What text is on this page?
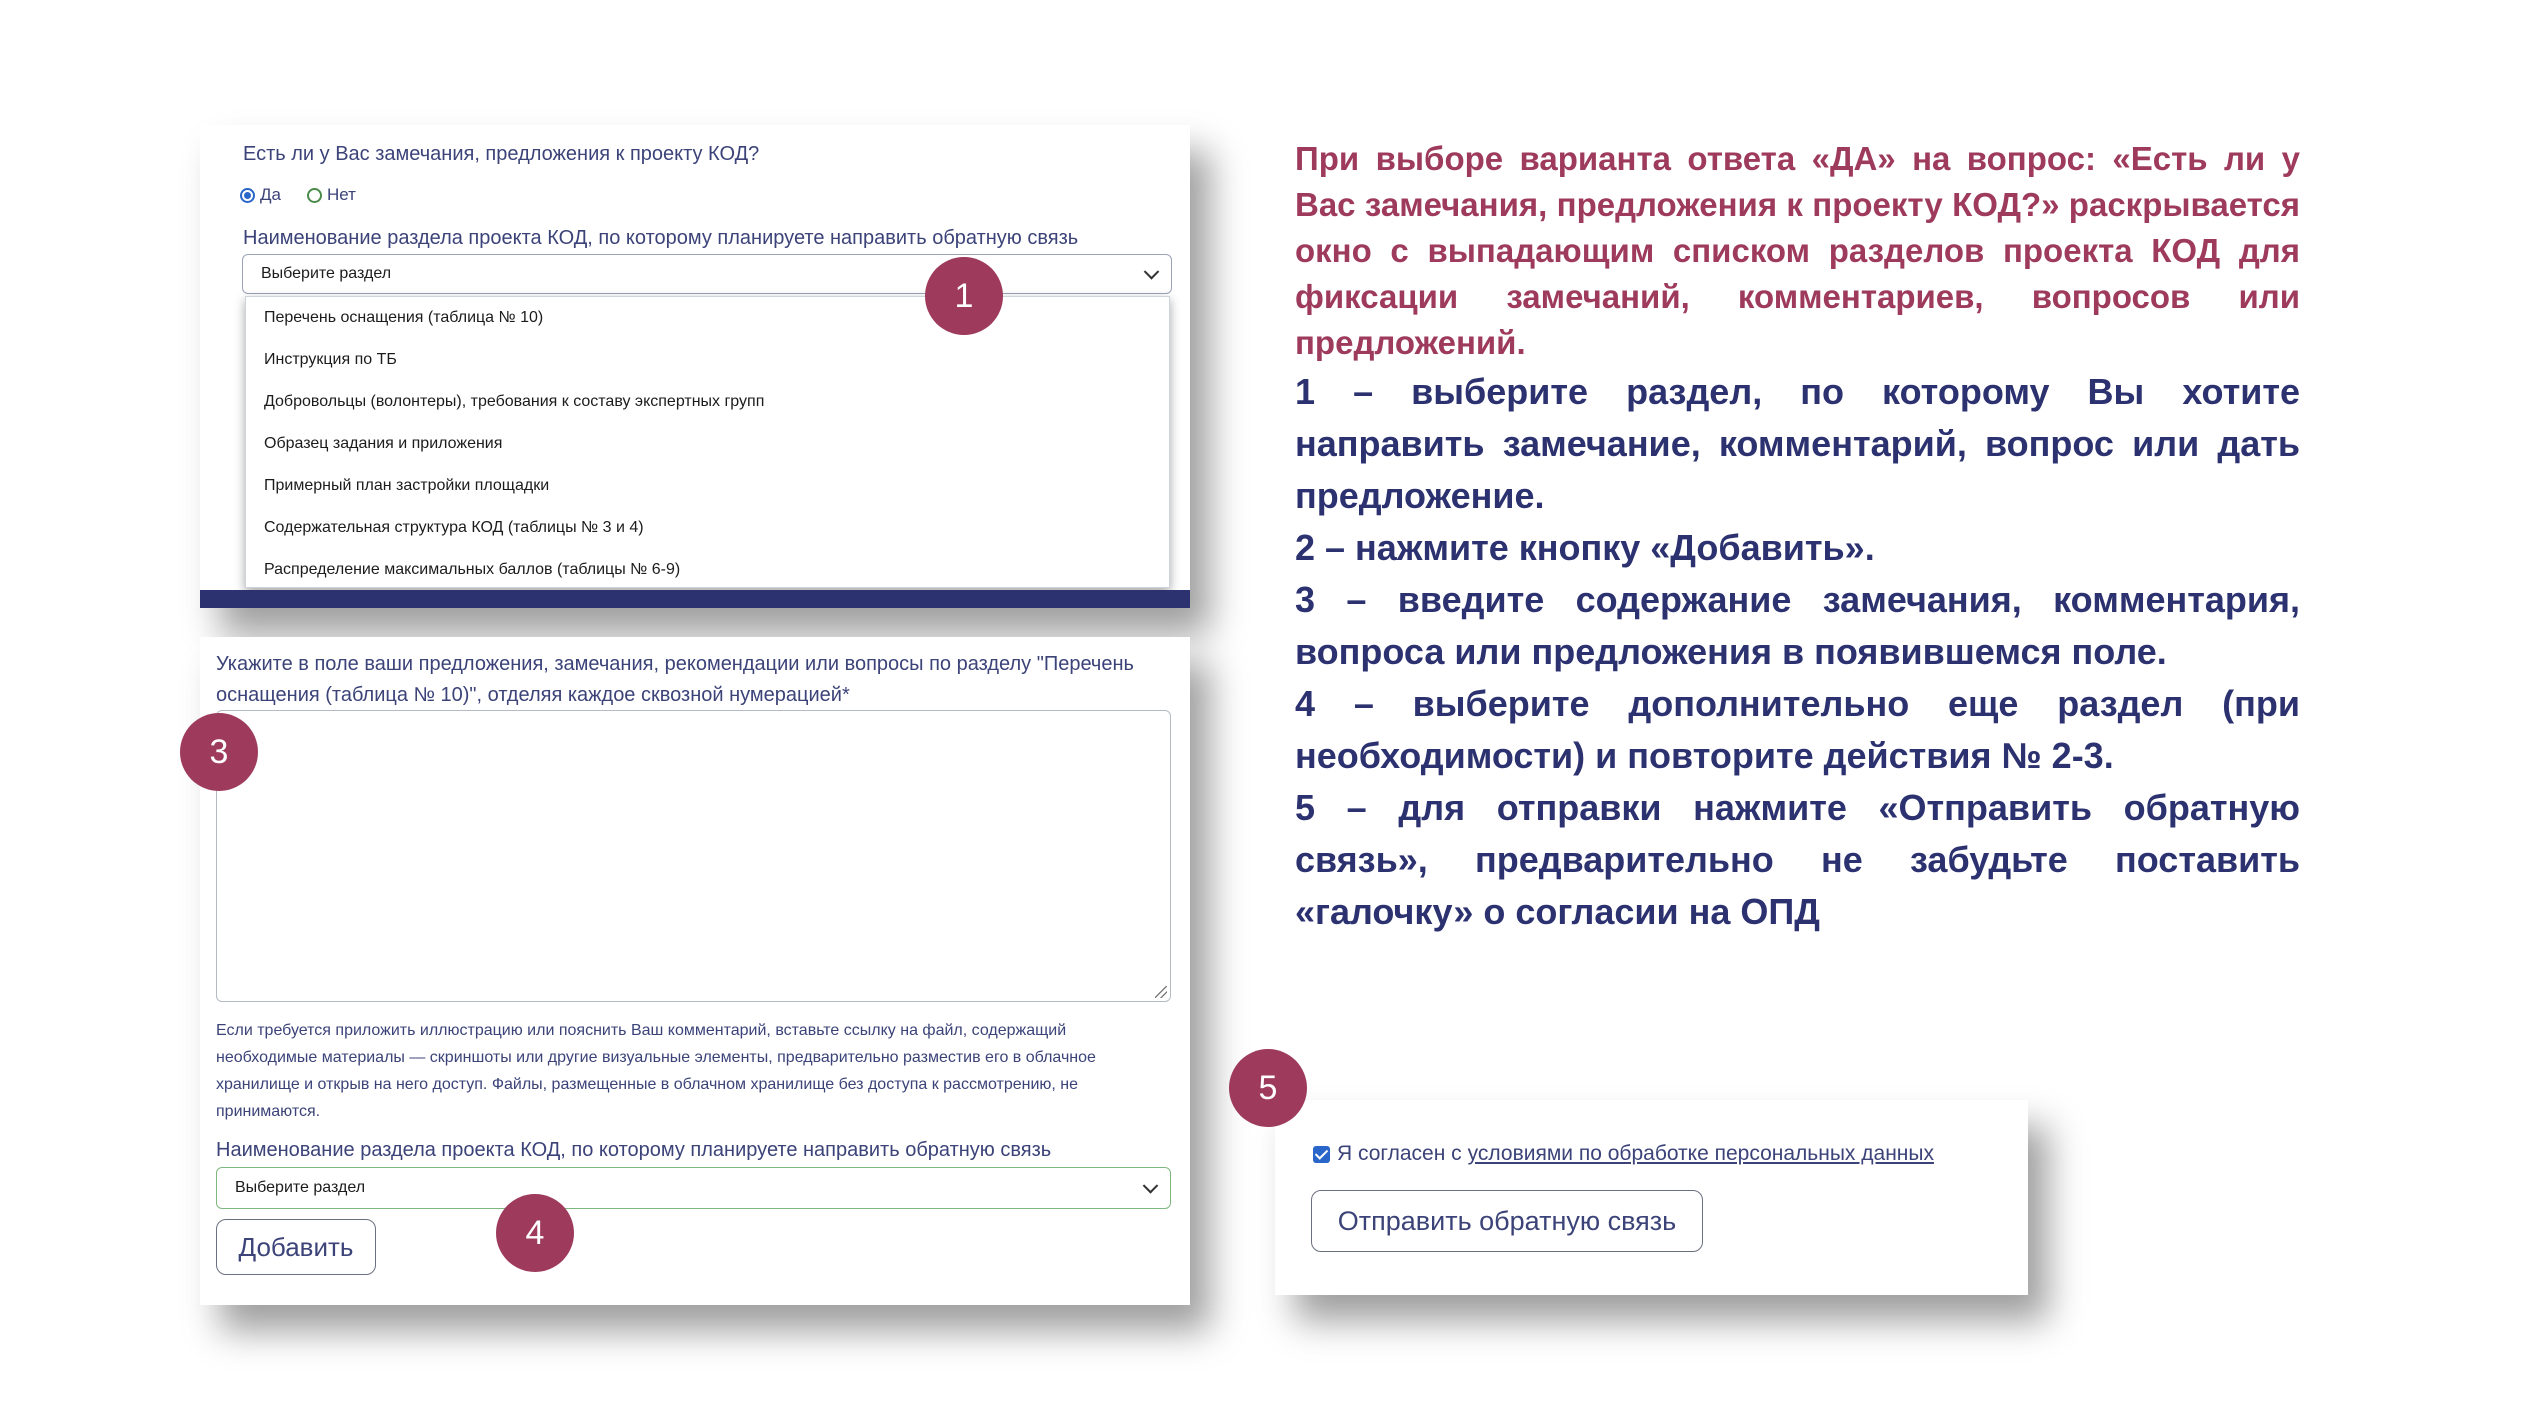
Есть ли у Вас замечания, предложения к проекту КОД?
Да	Нет
Наименование раздела проекта КОД, по которому планируете направить обратную связь
Выберите раздел
Перечень оснащения (таблица № 10)
Инструкция по ТБ
Добровольцы (волонтеры), требования к составу экспертных групп
Образец задания и приложения
Примерный план застройки площадки
Содержательная структура КОД (таблицы № 3 и 4)
Распределение максимальных баллов (таблицы № 6-9)
Укажите в поле ваши предложения, замечания, рекомендации или вопросы по разделу "Перечень оснащения (таблица № 10)", отделяя каждое сквозной нумерацией*
Если требуется приложить иллюстрацию или пояснить Ваш комментарий, вставьте ссылку на файл, содержащий необходимые материалы — скриншоты или другие визуальные элементы, предварительно разместив его в облачное хранилище и открыв на него доступ. Файлы, размещенные в облачном хранилище без доступа к рассмотрению, не принимаются.
Наименование раздела проекта КОД, по которому планируете направить обратную связь
Выберите раздел
Добавить
Я согласен с условиями по обработке персональных данных
Отправить обратную связь
1
3
4
5
При выборе варианта ответа «ДА» на вопрос: «Есть ли у Вас замечания, предложения к проекту КОД?» раскрывается окно с выпадающим списком разделов проекта КОД для фиксации замечаний, комментариев, вопросов или предложений.

1 – выберите раздел, по которому Вы хотите направить замечание, комментарий, вопрос или дать предложение.

2 – нажмите кнопку «Добавить».

3 – введите содержание замечания, комментария, вопроса или предложения в появившемся поле.

4 – выберите дополнительно еще раздел (при необходимости) и повторите действия № 2-3.

5 – для отправки нажмите «Отправить обратную связь», предварительно не забудьте поставить «галочку» о согласии на ОПД
